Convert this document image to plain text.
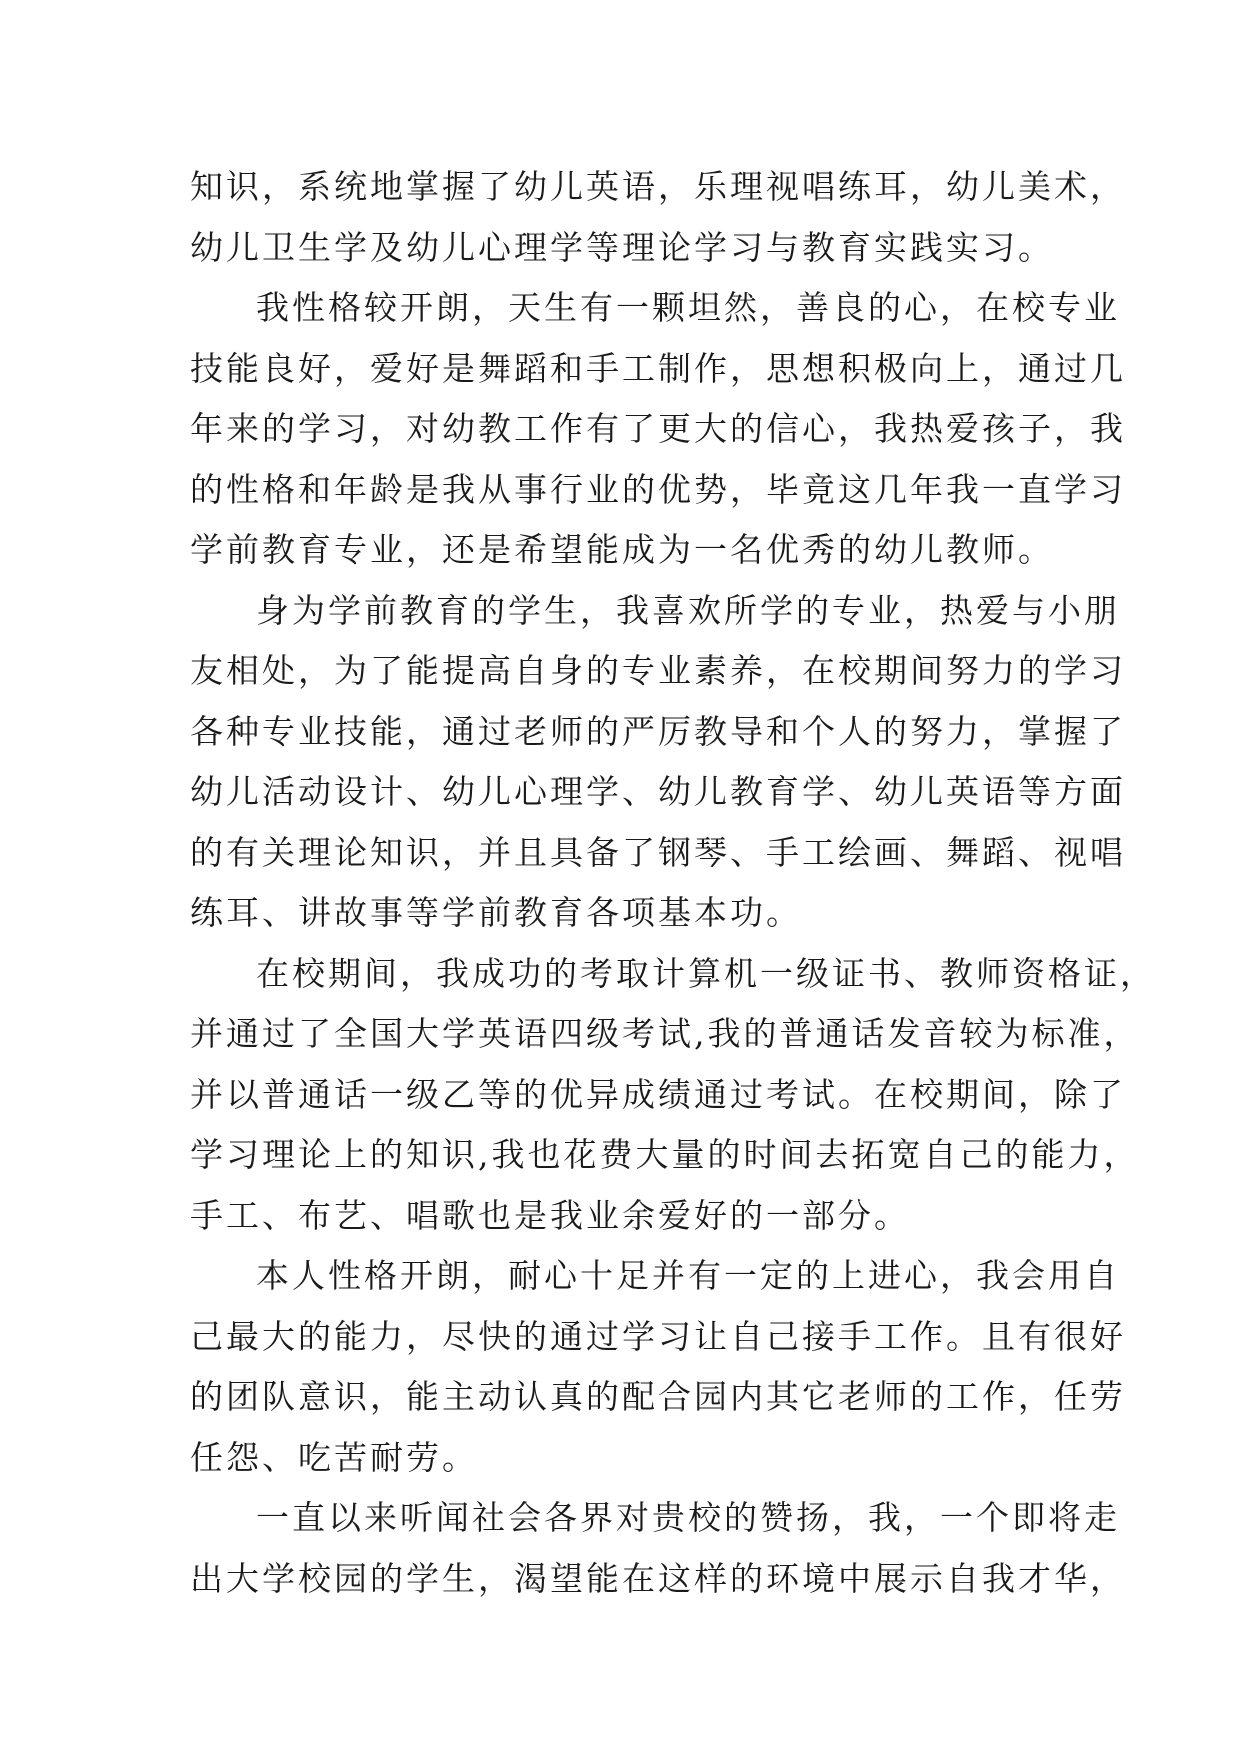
知识，系统地掌握了幼儿英语，乐理视唱练耳，幼儿美术，
幼儿卫生学及幼儿心理学等理论学习与教育实践实习。
我性格较开朗，天生有一颗坦然，善良的心，在校专业
技能良好，爱好是舞蹈和手工制作，思想积极向上，通过几
年来的学习，对幼教工作有了更大的信心，我热爱孩子，我
的性格和年龄是我从事行业的优势，毕竟这几年我一直学习
学前教育专业，还是希望能成为一名优秀的幼儿教师。
身为学前教育的学生，我喜欢所学的专业，热爱与小朋
友相处，为了能提高自身的专业素养，在校期间努力的学习
各种专业技能，通过老师的严厉教导和个人的努力，掌握了
幼儿活动设计、幼儿心理学、幼儿教育学、幼儿英语等方面
的有关理论知识，并且具备了钢琴、手工绘画、舞蹈、视唱
练耳、讲故事等学前教育各项基本功。
在校期间，我成功的考取计算机一级证书、教师资格证，
并通过了全国大学英语四级考试,我的普通话发音较为标准，
并以普通话一级乙等的优异成绩通过考试。在校期间，除了
学习理论上的知识,我也花费大量的时间去拓宽自己的能力，
手工、布艺、唱歌也是我业余爱好的一部分。
本人性格开朗，耐心十足并有一定的上进心，我会用自
己最大的能力，尽快的通过学习让自己接手工作。且有很好
的团队意识，能主动认真的配合园内其它老师的工作，任劳
任怨、吃苦耐劳。
一直以来听闻社会各界对贵校的赞扬，我，一个即将走
出大学校园的学生，渴望能在这样的环境中展示自我才华，
